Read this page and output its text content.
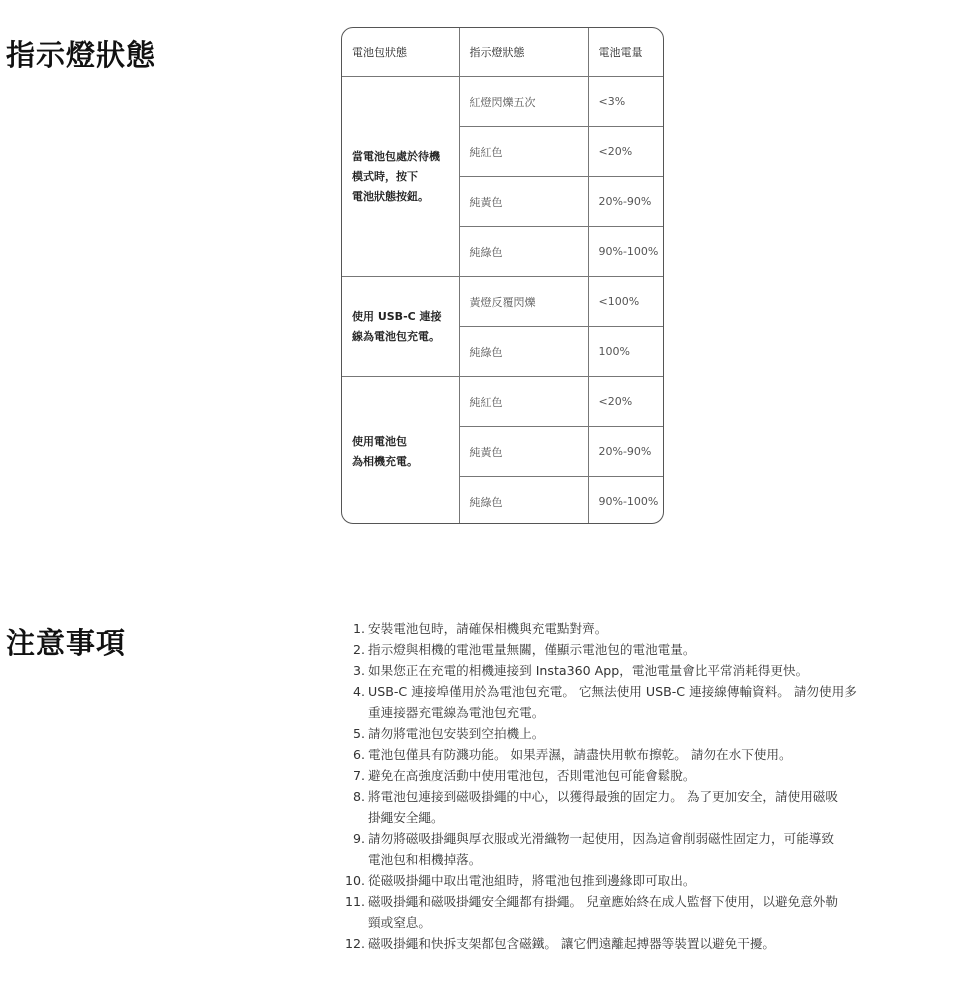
指示燈狀態	電池包狀態	指示燈狀態	電池電量

當電池包處於待機
模式時，按下
電池狀態按鈕。	紅燈閃爍五次	<3%
	純紅色	<20%
	純黃色	20%-90%
	純綠色	90%-100%

使用 USB-C 連接
線為電池包充電。	黃燈反覆閃爍	<100%
	純綠色	100%

使用電池包
為相機充電。	純紅色	<20%
	純黃色	20%-90%
	純綠色	90%-100%
注意事項	1. 安裝電池包時，請確保相機與充電點對齊。
2. 指示燈與相機的電池電量無關，僅顯示電池包的電池電量。
3. 如果您正在充電的相機連接到 Insta360 App，電池電量會比平常消耗得更快。
4. USB-C 連接埠僅用於為電池包充電。 它無法使用 USB-C 連接線傳輸資料。 請勿使用多
重連接器充電線為電池包充電。
5. 請勿將電池包安裝到空拍機上。
6. 電池包僅具有防濺功能。 如果弄濕，請盡快用軟布擦乾。 請勿在水下使用。
7. 避免在高強度活動中使用電池包，否則電池包可能會鬆脫。
8. 將電池包連接到磁吸掛繩的中心，以獲得最強的固定力。 為了更加安全，請使用磁吸
掛繩安全繩。
9. 請勿將磁吸掛繩與厚衣服或光滑織物一起使用，因為這會削弱磁性固定力，可能導致
電池包和相機掉落。
10. 從磁吸掛繩中取出電池組時，將電池包推到邊緣即可取出。
11. 磁吸掛繩和磁吸掛繩安全繩都有掛繩。 兒童應始終在成人監督下使用，以避免意外勒
頸或窒息。
12. 磁吸掛繩和快拆支架都包含磁鐵。 讓它們遠離起搏器等裝置以避免干擾。
